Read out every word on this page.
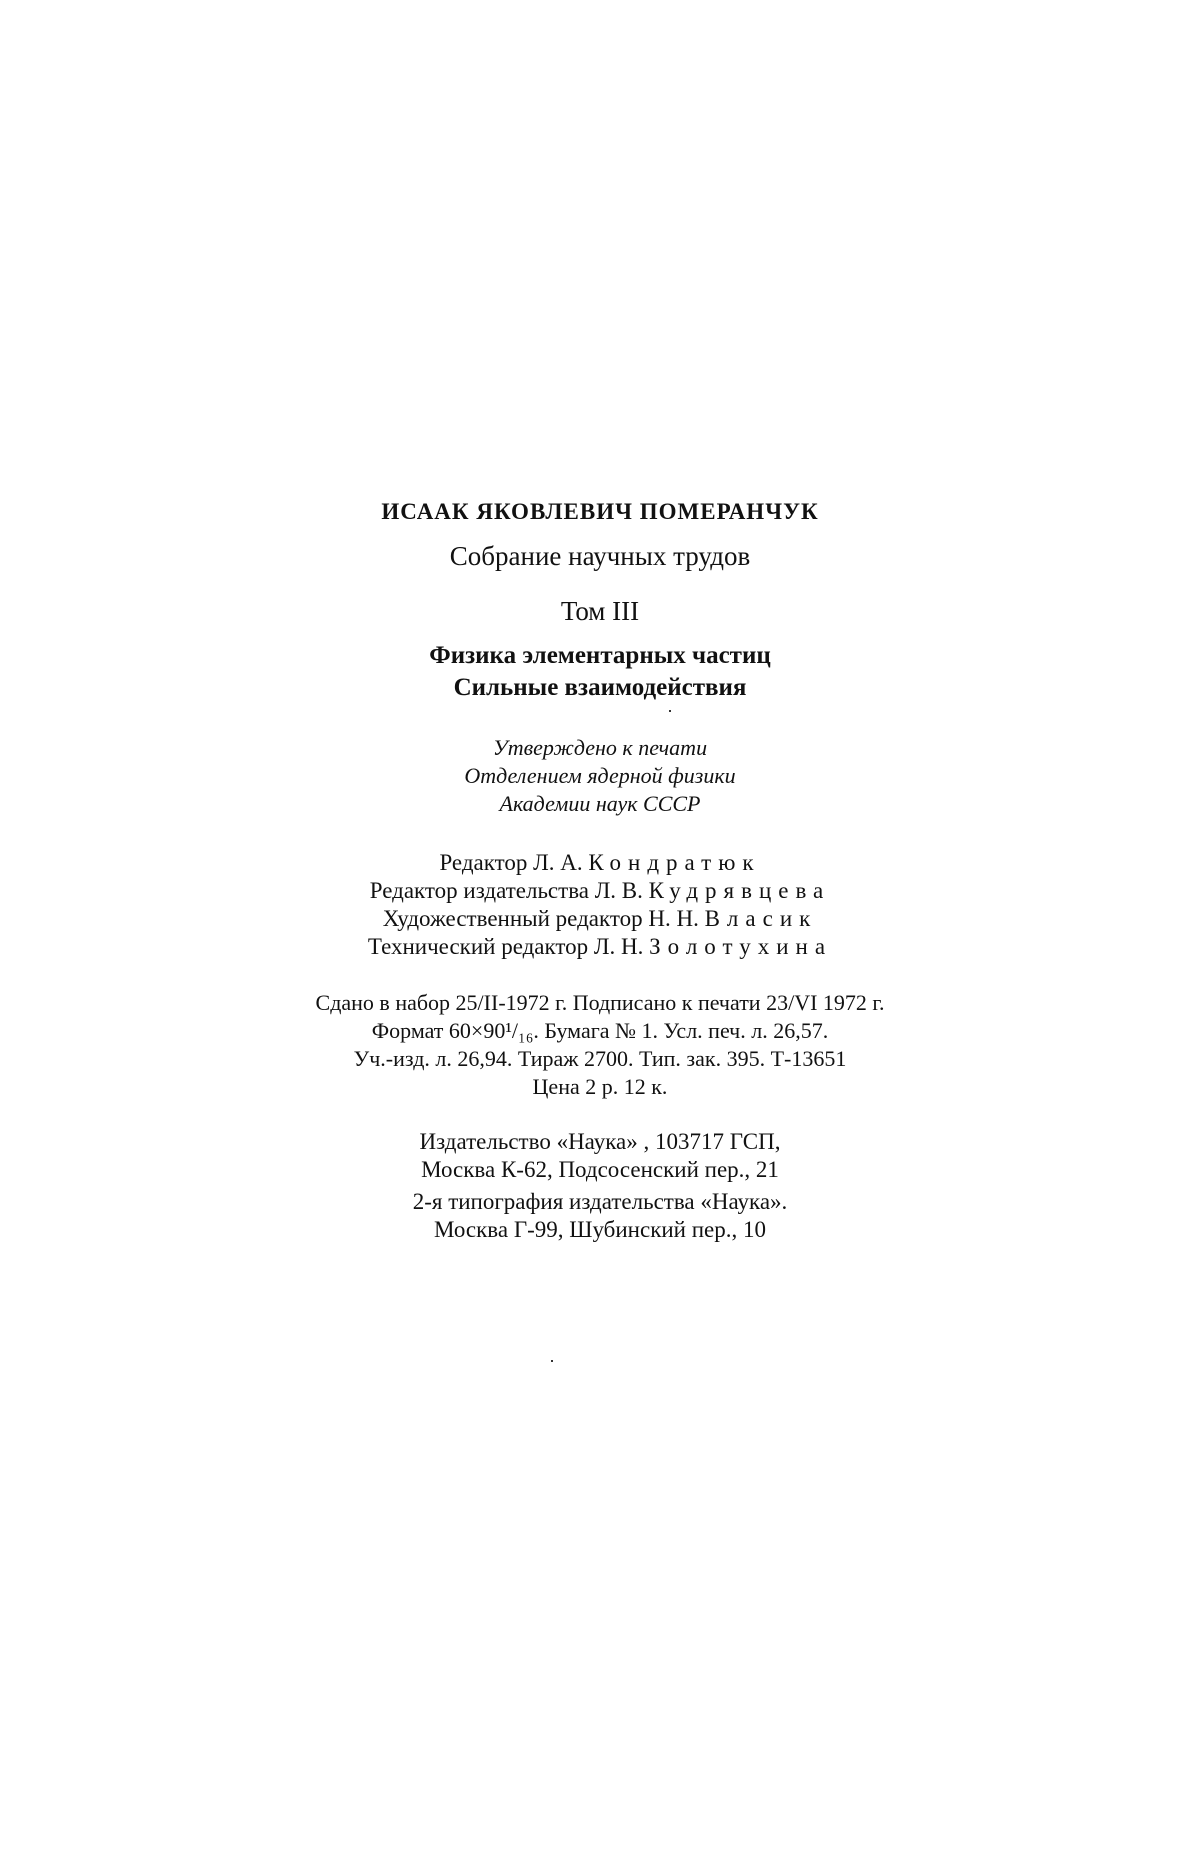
ИСААК ЯКОВЛЕВИЧ ПОМЕРАНЧУК
Собрание научных трудов
Том III
Физика элементарных частиц
Сильные взаимодействия
Утверждено к печати
Отделением ядерной физики
Академии наук СССР
Редактор Л. А. Кондратюк
Редактор издательства Л. В. Кудрявцева
Художественный редактор Н. Н. Власик
Технический редактор Л. Н. Золотухина
Сдано в набор 25/II-1972 г. Подписано к печати 23/VI 1972 г.
Формат 60×90¹/₁₆. Бумага № 1. Усл. печ. л. 26,57.
Уч.-изд. л. 26,94. Тираж 2700. Тип. зак. 395. Т-13651
Цена 2 р. 12 к.
Издательство «Наука» , 103717 ГСП,
Москва К-62, Подсосенский пер., 21
2-я типография издательства «Наука».
Москва Г-99, Шубинский пер., 10
